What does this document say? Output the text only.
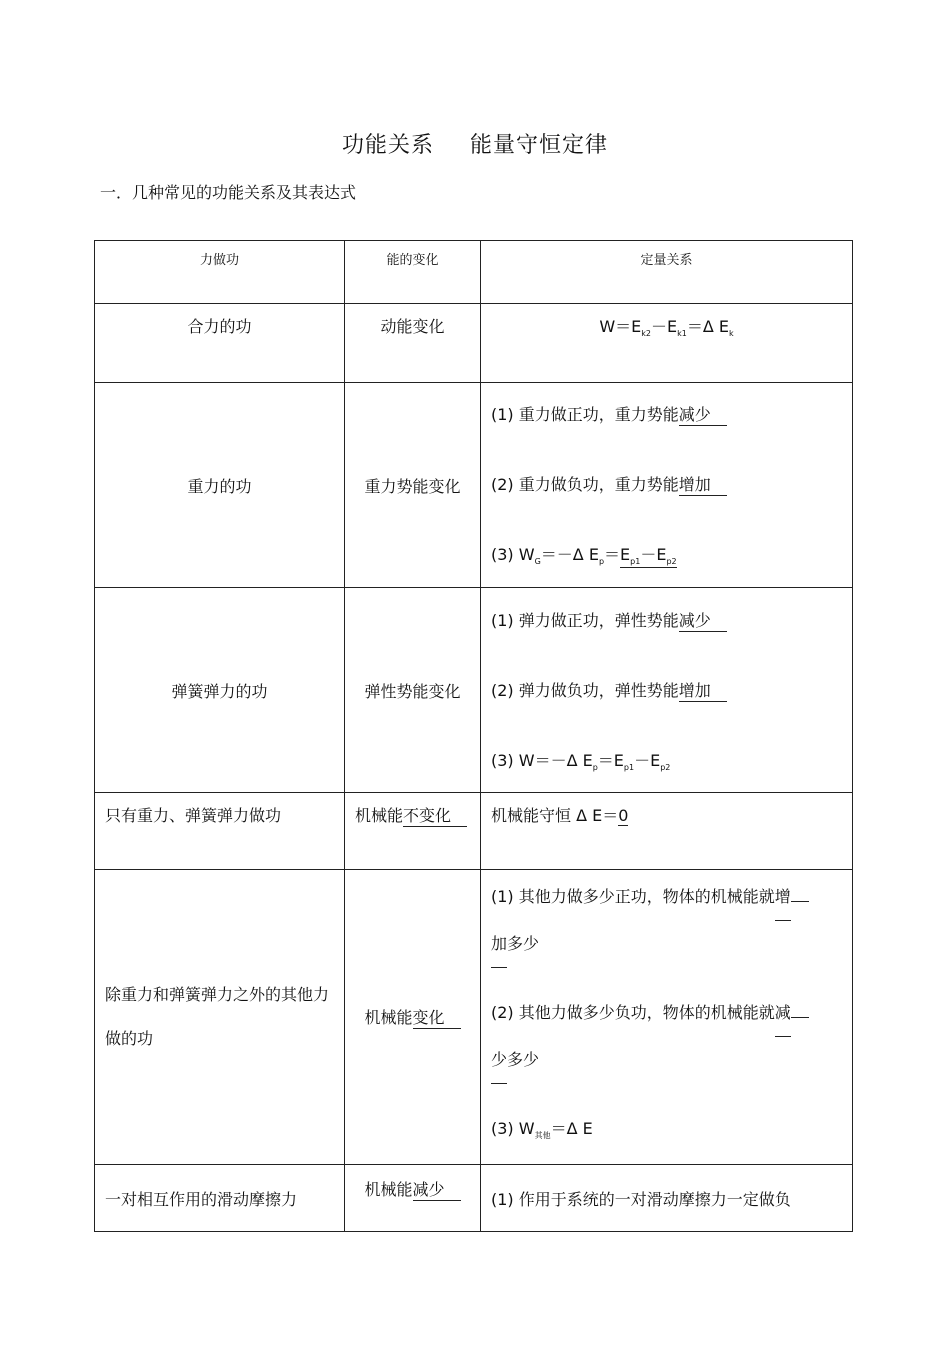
功能关系 能量守恒定律
一．几种常见的功能关系及其表达式
力做功	能的变化	定量关系
合力的功	动能变化	$W=E_{k2}-E_{k1}=\Delta$ $E_k$
重力的功	重力势能变化	(1) 重力做正功，重力势能减少

(2) 重力做负功，重力势能增加

(3) $W_G=-\Delta$ $E_p=E_{p1}-E_{p2}$

弹簧弹力的功	弹性势能变化	(1) 弹力做正功，弹性势能减少

(2) 弹力做负功，弹性势能增加

(3) W＝－Δ $E_p=E_{p1}-E_{p2}$

只有重力、弹簧弹力做功	机械能不变化	机械能守恒 Δ E＝0
除重力和弹簧弹力之外的其他力做的功	机械能变化	(1) 其他力做多少正功，物体的机械能就增

加多少

(2) 其他力做多少负功，物体的机械能就减

少多少

(3) $W_{其他}=\Delta$ E

一对相互作用的滑动摩擦力	机械能减少	(1) 作用于系统的一对滑动摩擦力一定做负
